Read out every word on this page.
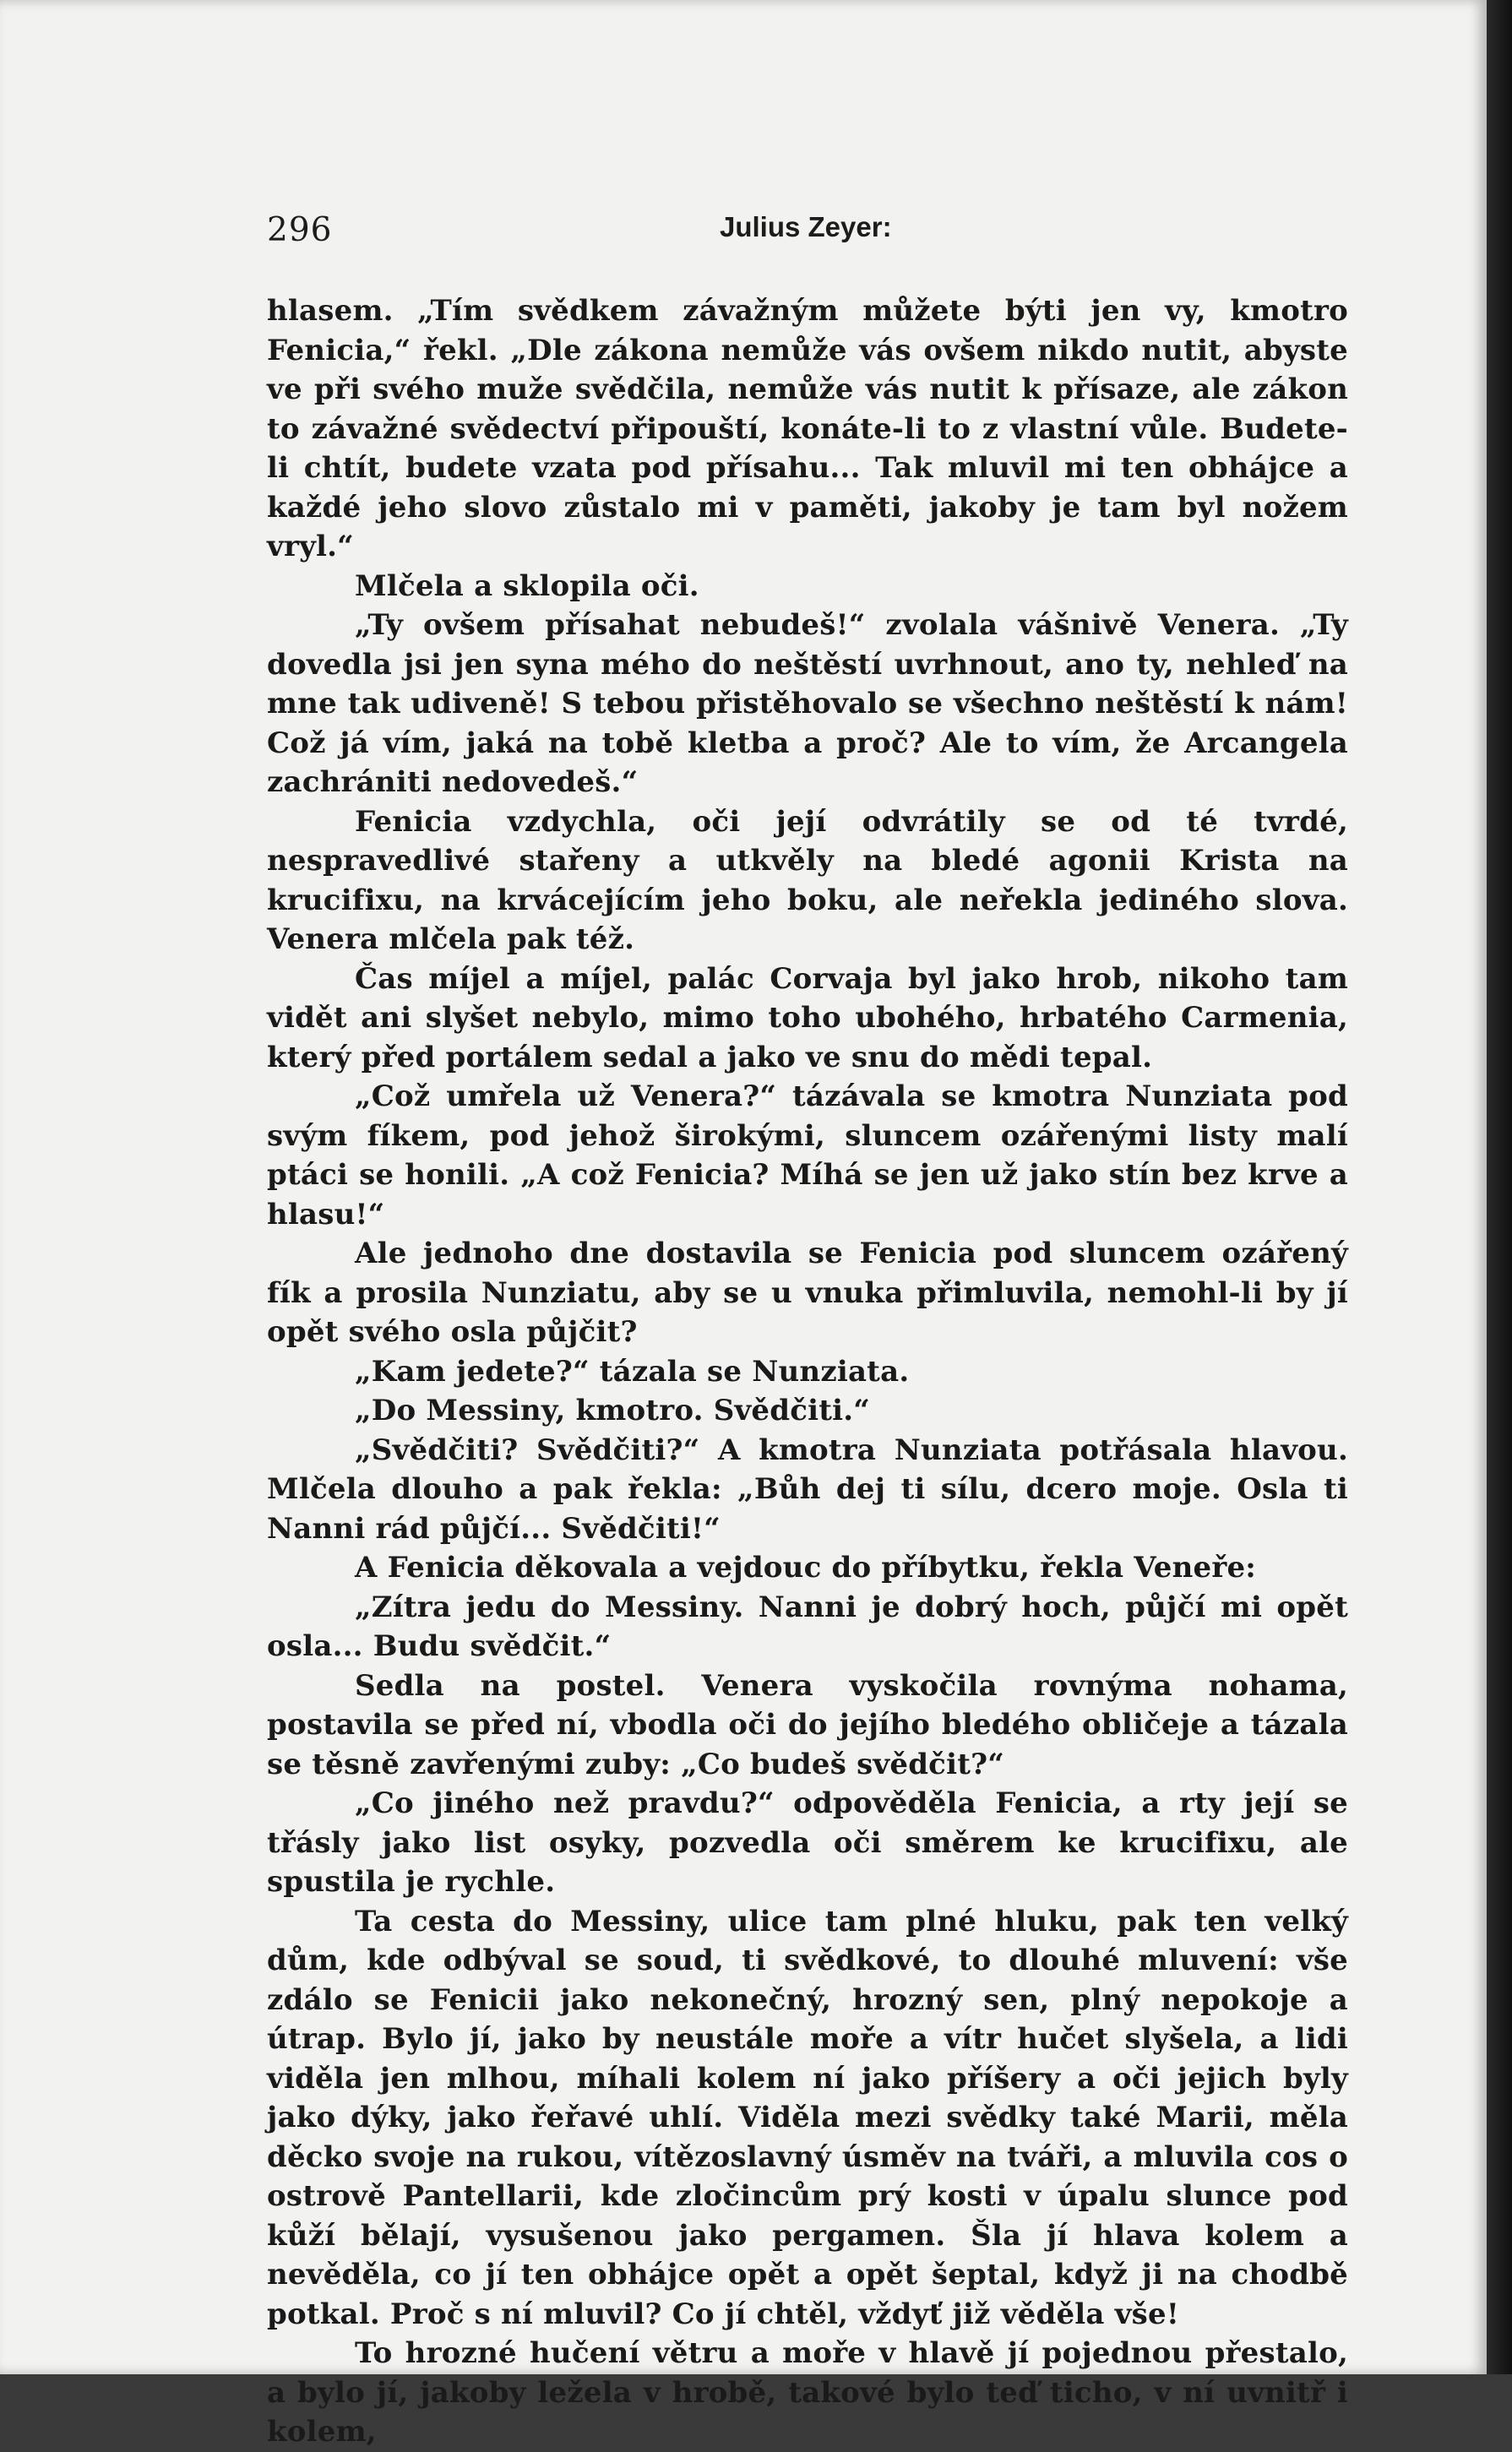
296	Julius Zeyer:

hlasem. „Tím svědkem závažným můžete býti jen vy, kmotro Fenicia,“ řekl. „Dle zákona nemůže vás ovšem nikdo nutit, abyste ve při svého muže svědčila, nemůže vás nutit k přísaze, ale zákon to závažné svědectví připouští, konáte-li to z vlastní vůle. Budete-li chtít, budete vzata pod přísahu... Tak mluvil mi ten obhájce a každé jeho slovo zůstalo mi v paměti, jakoby je tam byl nožem vryl.“

Mlčela a sklopila oči.

„Ty ovšem přísahat nebudeš!“ zvolala vášnivě Venera. „Ty dovedla jsi jen syna mého do neštěstí uvrhnout, ano ty, nehleď na mne tak udiveně! S tebou přistěhovalo se všechno neštěstí k nám! Což já vím, jaká na tobě kletba a proč? Ale to vím, že Arcangela zachrániti nedovedeš.“

Fenicia vzdychla, oči její odvrátily se od té tvrdé, nespravedlivé stařeny a utkvěly na bledé agonii Krista na krucifixu, na krvácejícím jeho boku, ale neřekla jediného slova. Venera mlčela pak též.

Čas míjel a míjel, palác Corvaja byl jako hrob, nikoho tam vidět ani slyšet nebylo, mimo toho ubohého, hrbatého Carmenia, který před portálem sedal a jako ve snu do mědi tepal.

„Což umřela už Venera?“ tázávala se kmotra Nunziata pod svým fíkem, pod jehož širokými, sluncem ozářenými listy malí ptáci se honili. „A což Fenicia? Míhá se jen už jako stín bez krve a hlasu!“

Ale jednoho dne dostavila se Fenicia pod sluncem ozářený fík a prosila Nunziatu, aby se u vnuka přimluvila, nemohl-li by jí opět svého osla půjčit?

„Kam jedete?“ tázala se Nunziata.

„Do Messiny, kmotro. Svědčiti.“

„Svědčiti? Svědčiti?“ A kmotra Nunziata potřásala hlavou. Mlčela dlouho a pak řekla: „Bůh dej ti sílu, dcero moje. Osla ti Nanni rád půjčí... Svědčiti!“

A Fenicia děkovala a vejdouc do příbytku, řekla Veneře:

„Zítra jedu do Messiny. Nanni je dobrý hoch, půjčí mi opět osla... Budu svědčit.“

Sedla na postel. Venera vyskočila rovnýma nohama, postavila se před ní, vbodla oči do jejího bledého obličeje a tázala se těsně zavřenými zuby: „Co budeš svědčit?“

„Co jiného než pravdu?“ odpověděla Fenicia, a rty její se třásly jako list osyky, pozvedla oči směrem ke krucifixu, ale spustila je rychle.

Ta cesta do Messiny, ulice tam plné hluku, pak ten velký dům, kde odbýval se soud, ti svědkové, to dlouhé mluvení: vše zdálo se Fenicii jako nekonečný, hrozný sen, plný nepokoje a útrap. Bylo jí, jako by neustále moře a vítr hučet slyšela, a lidi viděla jen mlhou, míhali kolem ní jako příšery a oči jejich byly jako dýky, jako řeřavé uhlí. Viděla mezi svědky také Marii, měla děcko svoje na rukou, vítězoslavný úsměv na tváři, a mluvila cos o ostrově Pantellarii, kde zločincům prý kosti v úpalu slunce pod kůží bělají, vysušenou jako pergamen. Šla jí hlava kolem a nevěděla, co jí ten obhájce opět a opět šeptal, když ji na chodbě potkal. Proč s ní mluvil? Co jí chtěl, vždyť již věděla vše!

To hrozné hučení větru a moře v hlavě jí pojednou přestalo, a bylo jí, jakoby ležela v hrobě, takové bylo teď ticho, v ní uvnitř i kolem,
